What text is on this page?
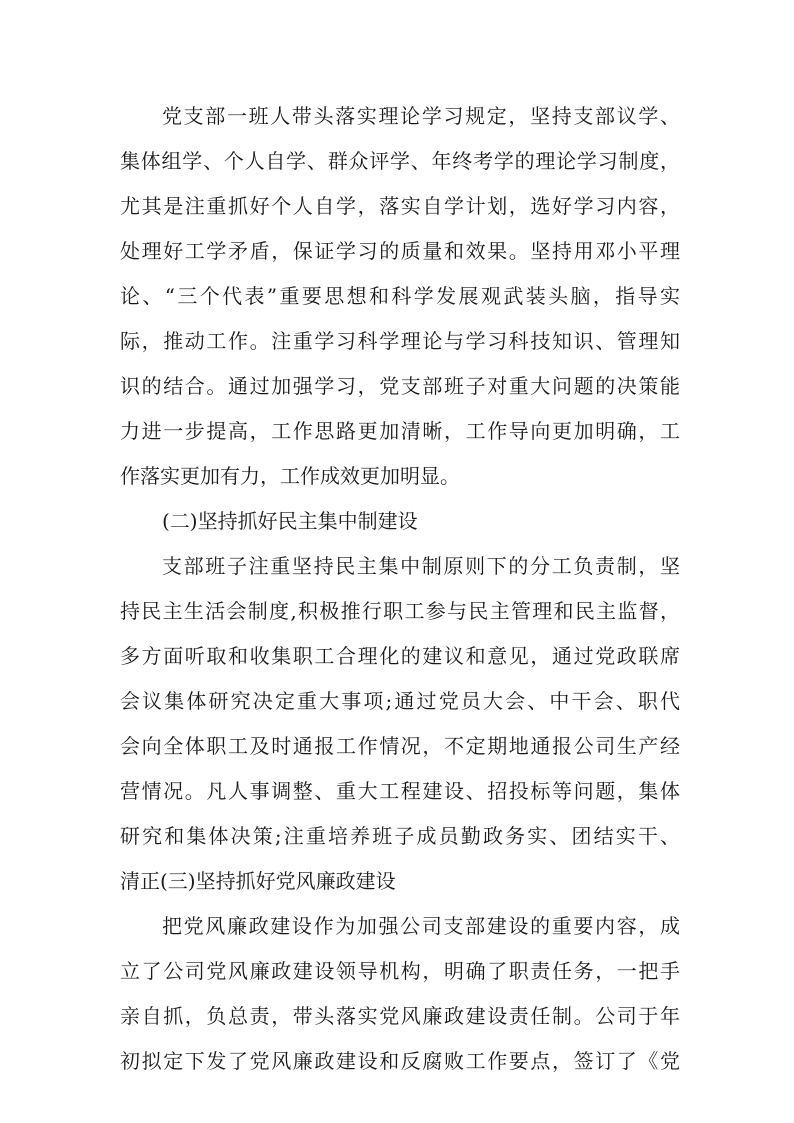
党支部一班人带头落实理论学习规定，坚持支部议学、
集体组学、个人自学、群众评学、年终考学的理论学习制度，
尤其是注重抓好个人自学，落实自学计划，选好学习内容，
处理好工学矛盾，保证学习的质量和效果。坚持用邓小平理
论、“三个代表”重要思想和科学发展观武装头脑，指导实
际，推动工作。注重学习科学理论与学习科技知识、管理知
识的结合。通过加强学习，党支部班子对重大问题的决策能
力进一步提高，工作思路更加清晰，工作导向更加明确，工
作落实更加有力，工作成效更加明显。
(二)坚持抓好民主集中制建设
支部班子注重坚持民主集中制原则下的分工负责制，坚
持民主生活会制度,积极推行职工参与民主管理和民主监督，
多方面听取和收集职工合理化的建议和意见，通过党政联席
会议集体研究决定重大事项;通过党员大会、中干会、职代
会向全体职工及时通报工作情况，不定期地通报公司生产经
营情况。凡人事调整、重大工程建设、招投标等问题，集体
研究和集体决策;注重培养班子成员勤政务实、团结实干、
清正(三)坚持抓好党风廉政建设
把党风廉政建设作为加强公司支部建设的重要内容，成
立了公司党风廉政建设领导机构，明确了职责任务，一把手
亲自抓，负总责，带头落实党风廉政建设责任制。公司于年
初拟定下发了党风廉政建设和反腐败工作要点，签订了《党
